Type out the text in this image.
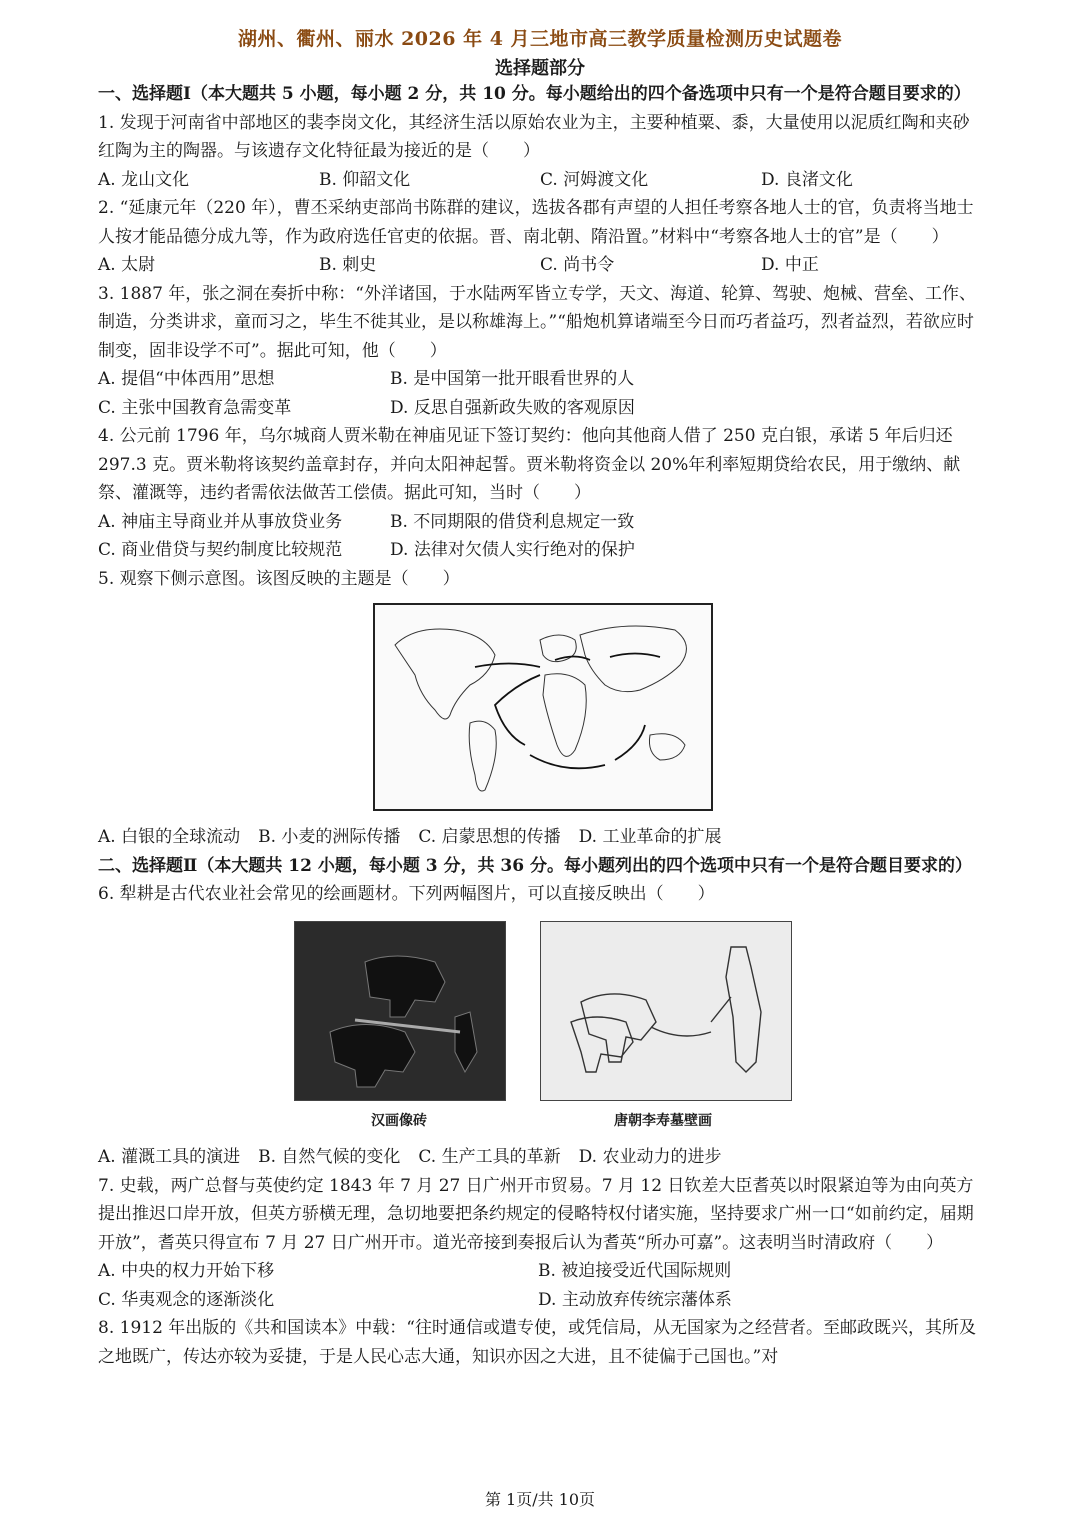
湖州、衢州、丽水 2026 年 4 月三地市高三教学质量检测历史试题卷
选择题部分
一、选择题Ⅰ（本大题共 5 小题，每小题 2 分，共 10 分。每小题给出的四个备选项中只有一个是符合题目要求的）
1. 发现于河南省中部地区的裴李岗文化，其经济生活以原始农业为主，主要种植粟、黍，大量使用以泥质红陶和夹砂红陶为主的陶器。与该遗存文化特征最为接近的是（　　）
A. 龙山文化	B. 仰韶文化	C. 河姆渡文化	D. 良渚文化
2. “延康元年（220 年），曹丕采纳吏部尚书陈群的建议，选拔各郡有声望的人担任考察各地人士的官，负责将当地士人按才能品德分成九等，作为政府选任官吏的依据。晋、南北朝、隋沿置。”材料中“考察各地人士的官”是（　　）
A. 太尉	B. 刺史	C. 尚书令	D. 中正
3. 1887 年，张之洞在奏折中称：“外洋诸国，于水陆两军皆立专学，天文、海道、轮算、驾驶、炮械、营垒、工作、制造，分类讲求，童而习之，毕生不徙其业，是以称雄海上。”“船炮机算诸端至今日而巧者益巧，烈者益烈，若欲应时制变，固非设学不可”。据此可知，他（　　）
A. 提倡“中体西用”思想	B. 是中国第一批开眼看世界的人
C. 主张中国教育急需变革	D. 反思自强新政失败的客观原因
4. 公元前 1796 年，乌尔城商人贾米勒在神庙见证下签订契约：他向其他商人借了 250 克白银，承诺 5 年后归还 297.3 克。贾米勒将该契约盖章封存，并向太阳神起誓。贾米勒将资金以 20%年利率短期贷给农民，用于缴纳、献祭、灌溉等，违约者需依法做苦工偿债。据此可知，当时（　　）
A. 神庙主导商业并从事放贷业务	B. 不同期限的借贷利息规定一致
C. 商业借贷与契约制度比较规范	D. 法律对欠债人实行绝对的保护
5. 观察下侧示意图。该图反映的主题是（　　）
A. 白银的全球流动 B. 小麦的洲际传播 C. 启蒙思想的传播 D. 工业革命的扩展
二、选择题Ⅱ（本大题共 12 小题，每小题 3 分，共 36 分。每小题列出的四个选项中只有一个是符合题目要求的）
6. 犁耕是古代农业社会常见的绘画题材。下列两幅图片，可以直接反映出（　　）
汉画像砖	唐朝李寿墓壁画
A. 灌溉工具的演进 B. 自然气候的变化 C. 生产工具的革新 D. 农业动力的进步
7. 史载，两广总督与英使约定 1843 年 7 月 27 日广州开市贸易。7 月 12 日钦差大臣耆英以时限紧迫等为由向英方提出推迟口岸开放，但英方骄横无理，急切地要把条约规定的侵略特权付诸实施，坚持要求广州一口“如前约定，届期开放”，耆英只得宣布 7 月 27 日广州开市。道光帝接到奏报后认为耆英“所办可嘉”。这表明当时清政府（　　）
A. 中央的权力开始下移	B. 被迫接受近代国际规则
C. 华夷观念的逐渐淡化	D. 主动放弃传统宗藩体系
8. 1912 年出版的《共和国读本》中载：“往时通信或遣专使，或凭信局，从无国家为之经营者。至邮政既兴，其所及之地既广，传达亦较为妥捷，于是人民心志大通，知识亦因之大进，且不徒偏于己国也。”对
第 1页/共 10页
